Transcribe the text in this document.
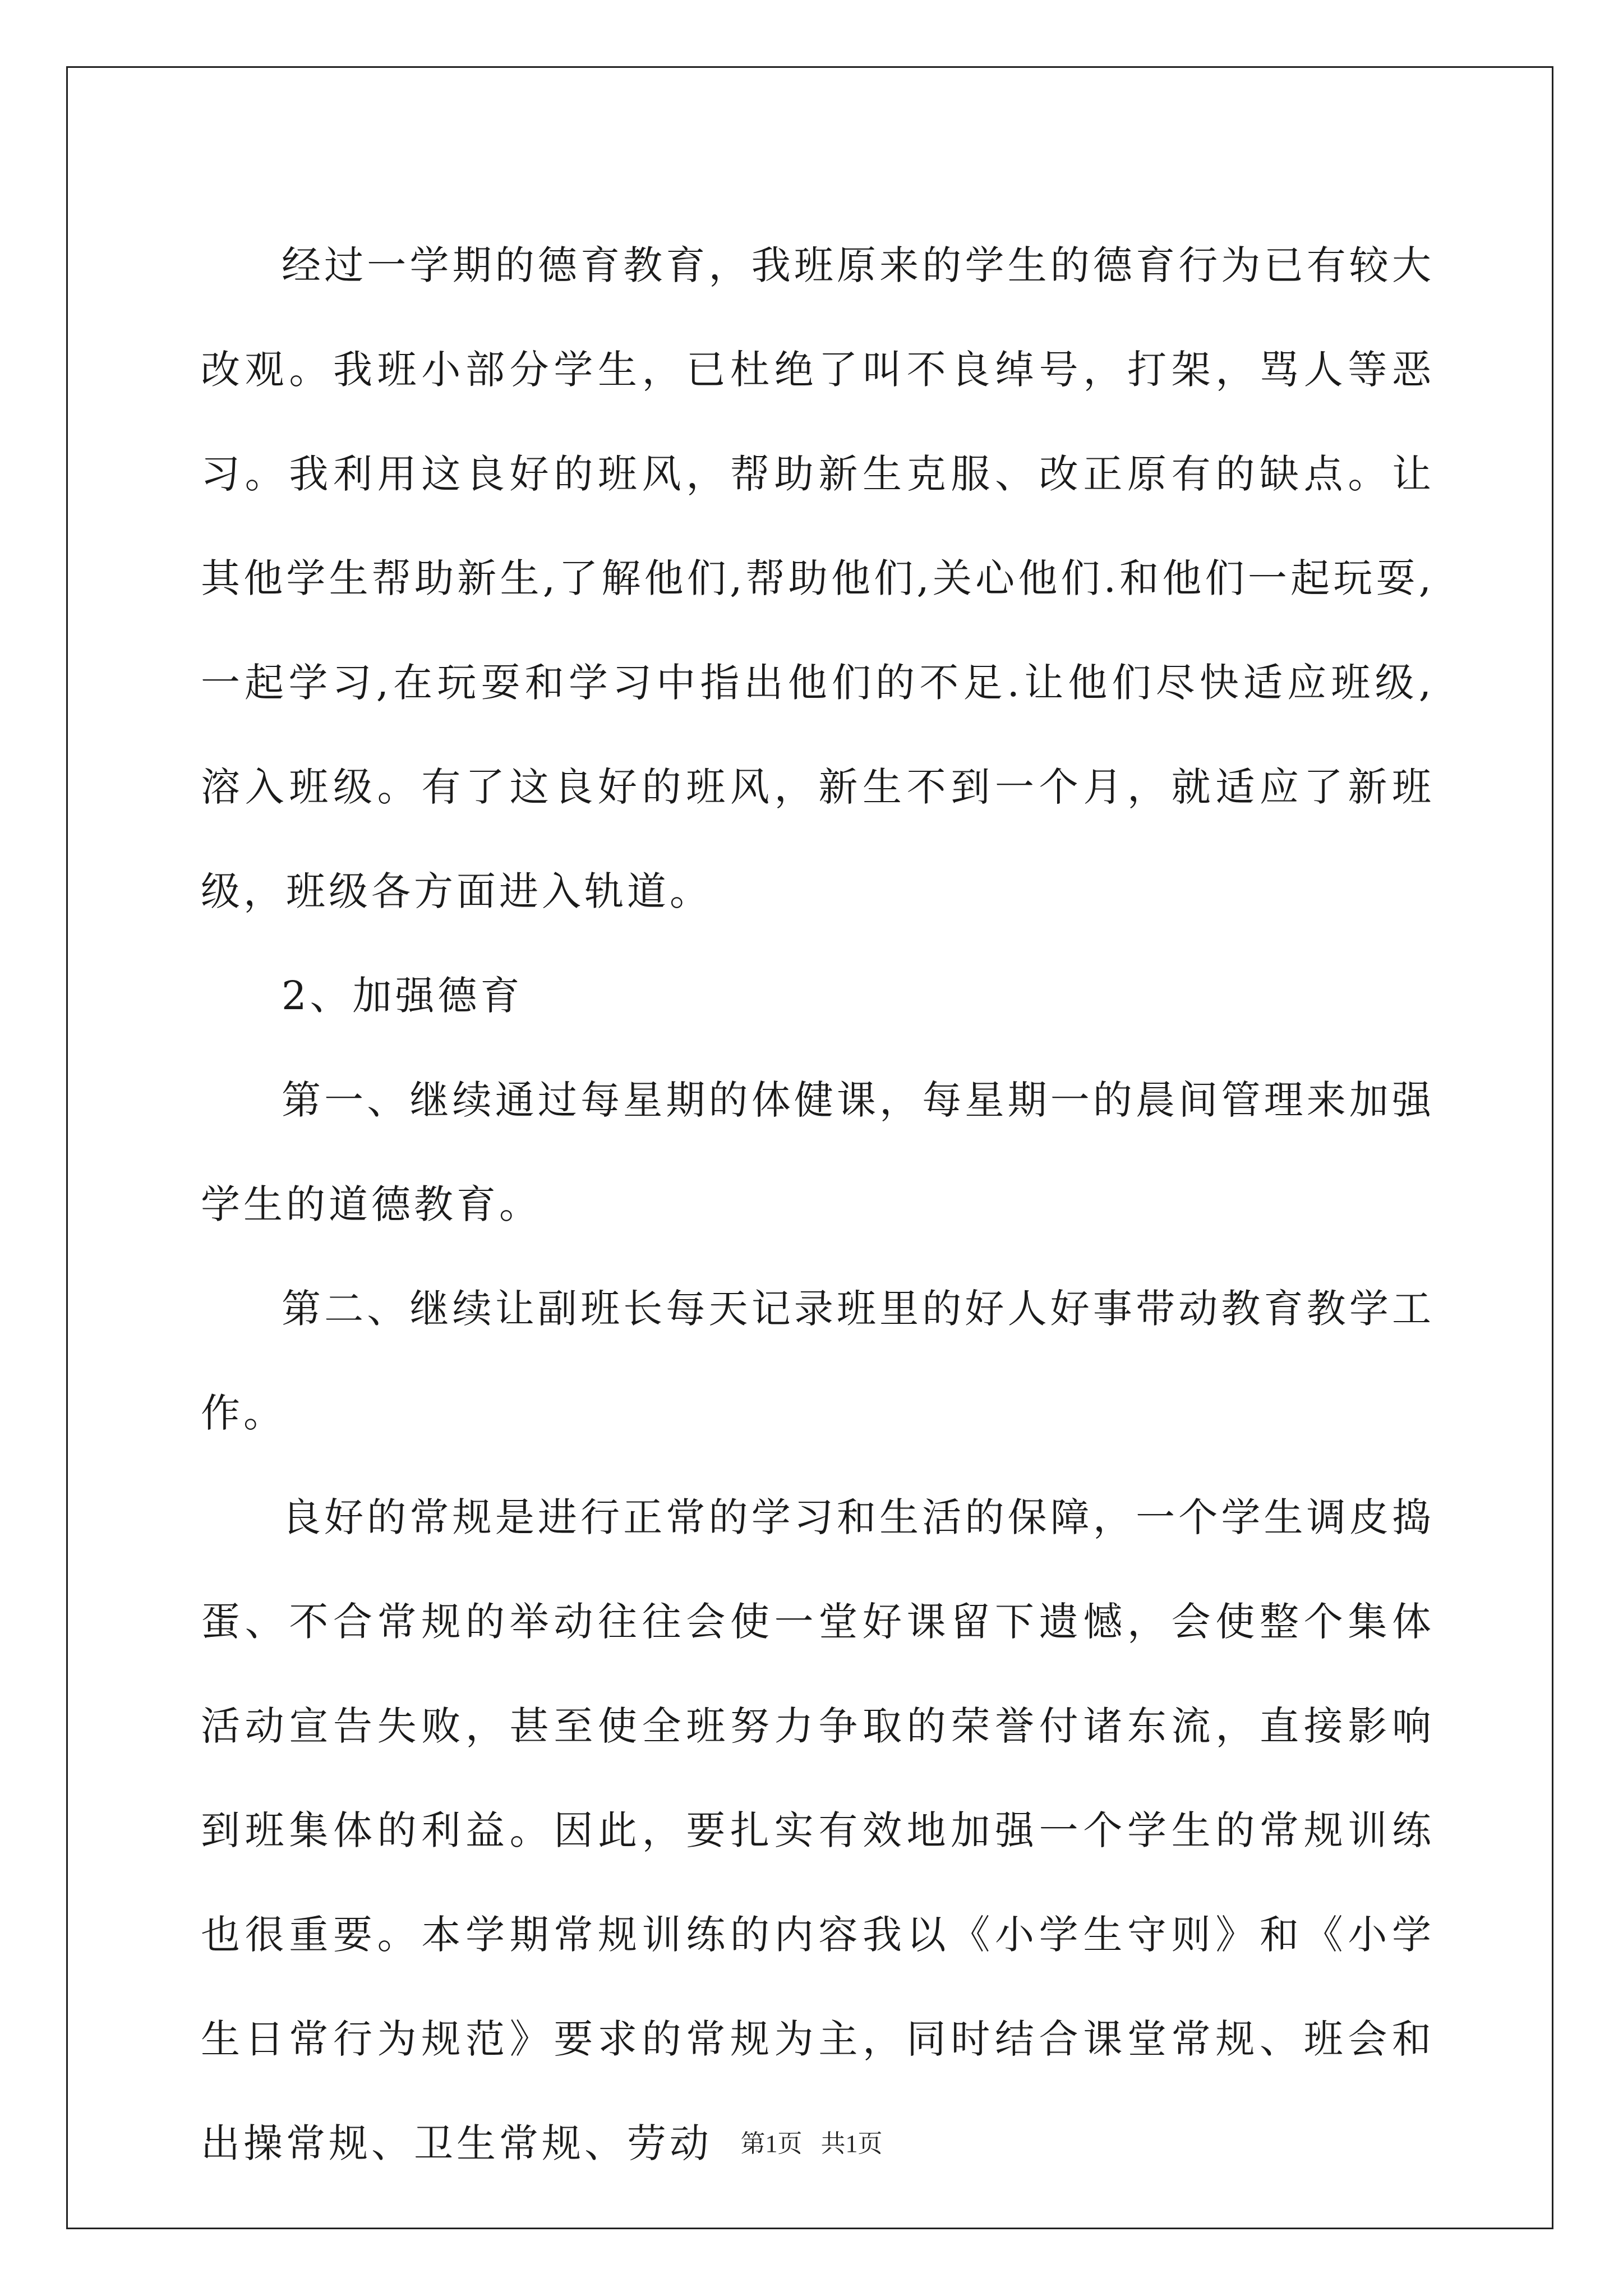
经过一学期的德育教育，我班原来的学生的德育行为已有较大改观。我班小部分学生，已杜绝了叫不良绰号，打架，骂人等恶习。我利用这良好的班风，帮助新生克服、改正原有的缺点。让其他学生帮助新生,了解他们,帮助他们,关心他们.和他们一起玩耍,一起学习,在玩耍和学习中指出他们的不足.让他们尽快适应班级,溶入班级。有了这良好的班风，新生不到一个月，就适应了新班级，班级各方面进入轨道。

2、加强德育

第一、继续通过每星期的体健课，每星期一的晨间管理来加强学生的道德教育。

第二、继续让副班长每天记录班里的好人好事带动教育教学工作。

良好的常规是进行正常的学习和生活的保障，一个学生调皮捣蛋、不合常规的举动往往会使一堂好课留下遗憾，会使整个集体活动宣告失败，甚至使全班努力争取的荣誉付诸东流，直接影响到班集体的利益。因此，要扎实有效地加强一个学生的常规训练也很重要。本学期常规训练的内容我以《小学生守则》和《小学生日常行为规范》要求的常规为主，同时结合课堂常规、班会和出操常规、卫生常规、劳动	第1页   共1页
